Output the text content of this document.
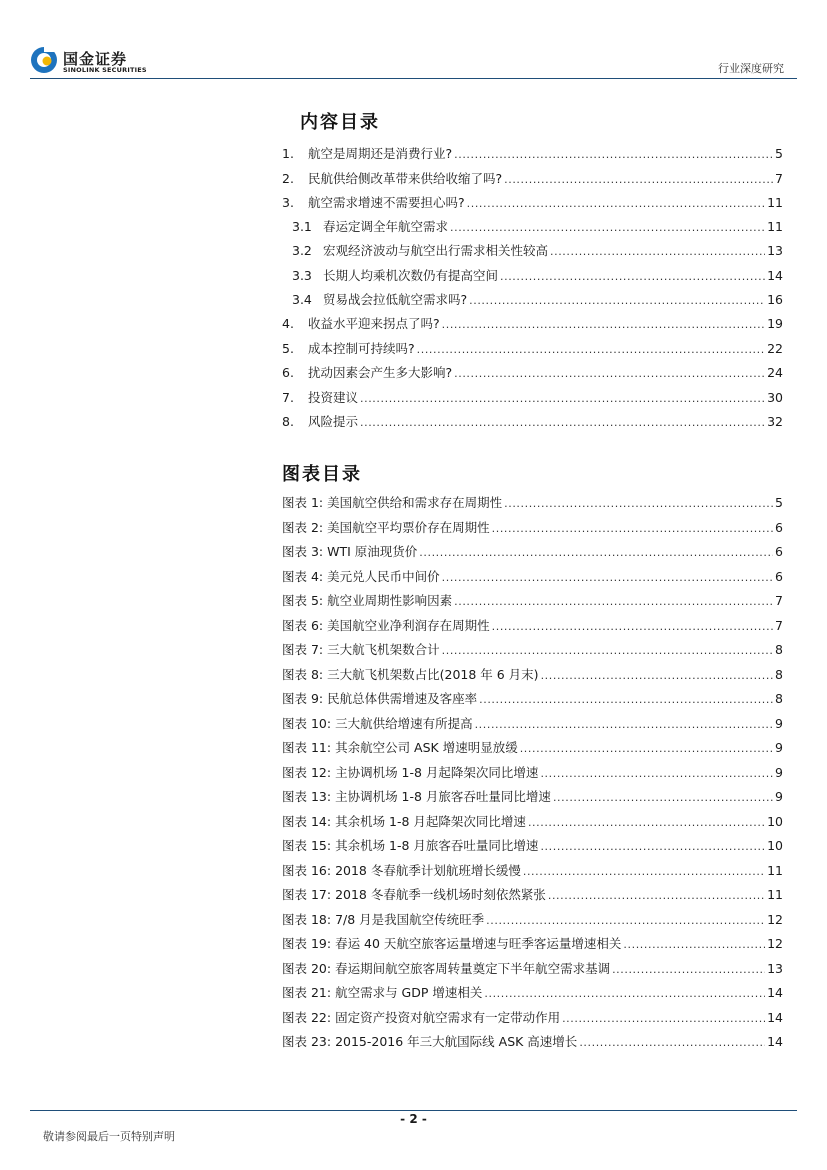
国金证券
SINOLINK SECURITIES	行业深度研究
内容目录
1.	航空是周期还是消费行业? .....	5
2.	民航供给侧改革带来供给收缩了吗? .....	7
3.	航空需求增速不需要担心吗? .....	11
3.1 春运定调全年航空需求 .....	11
3.2 宏观经济波动与航空出行需求相关性较高 .....	13
3.3 长期人均乘机次数仍有提高空间 .....	14
3.4 贸易战会拉低航空需求吗? .....	16
4.	收益水平迎来拐点了吗? .....	19
5.	成本控制可持续吗? .....	22
6.	扰动因素会产生多大影响? .....	24
7.	投资建议 .....	30
8.	风险提示 .....	32
图表目录
图表 1: 美国航空供给和需求存在周期性 .....	5
图表 2: 美国航空平均票价存在周期性 .....	6
图表 3: WTI 原油现货价 .....	6
图表 4: 美元兑人民币中间价 .....	6
图表 5: 航空业周期性影响因素 .....	7
图表 6: 美国航空业净利润存在周期性 .....	7
图表 7: 三大航飞机架数合计 .....	8
图表 8: 三大航飞机架数占比(2018 年 6 月末) .....	8
图表 9: 民航总体供需增速及客座率 .....	8
图表 10: 三大航供给增速有所提高 .....	9
图表 11: 其余航空公司 ASK 增速明显放缓 .....	9
图表 12: 主协调机场 1-8 月起降架次同比增速 .....	9
图表 13: 主协调机场 1-8 月旅客吞吐量同比增速 .....	9
图表 14: 其余机场 1-8 月起降架次同比增速 .....	10
图表 15: 其余机场 1-8 月旅客吞吐量同比增速 .....	10
图表 16: 2018 冬春航季计划航班增长缓慢 .....	11
图表 17: 2018 冬春航季一线机场时刻依然紧张 .....	11
图表 18: 7/8 月是我国航空传统旺季 .....	12
图表 19: 春运 40 天航空旅客运量增速与旺季客运量增速相关 .....	12
图表 20: 春运期间航空旅客周转量奠定下半年航空需求基调 .....	13
图表 21: 航空需求与 GDP 增速相关 .....	14
图表 22: 固定资产投资对航空需求有一定带动作用 .....	14
图表 23: 2015-2016 年三大航国际线 ASK 高速增长 .....	14
- 2 -
敬请参阅最后一页特别声明
